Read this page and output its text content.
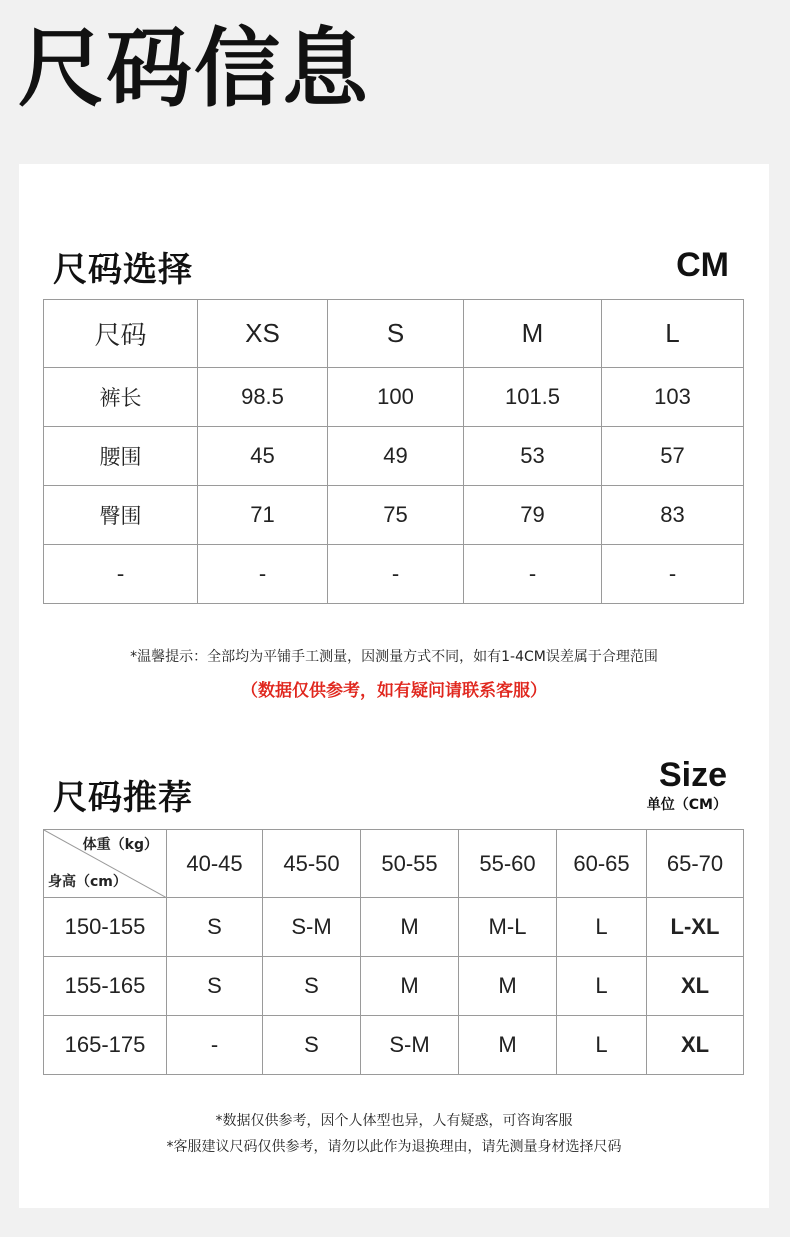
尺码信息
尺码选择	CM
尺码	XS	S	M	L
裤长	98.5	100	101.5	103
腰围	45	49	53	57
臀围	71	75	79	83
-	-	-	-	-
*温馨提示：全部均为平铺手工测量，因测量方式不同，如有1-4CM误差属于合理范围
（数据仅供参考，如有疑问请联系客服）
尺码推荐
Size
单位（CM）
体重（kg）
身高（cm）	40-45	45-50	50-55	55-60	60-65	65-70
150-155	S	S-M	M	M-L	L	L-XL
155-165	S	S	M	M	L	XL
165-175	-	S	S-M	M	L	XL
*数据仅供参考，因个人体型也异，人有疑惑，可咨询客服
*客服建议尺码仅供参考，请勿以此作为退换理由，请先测量身材选择尺码
